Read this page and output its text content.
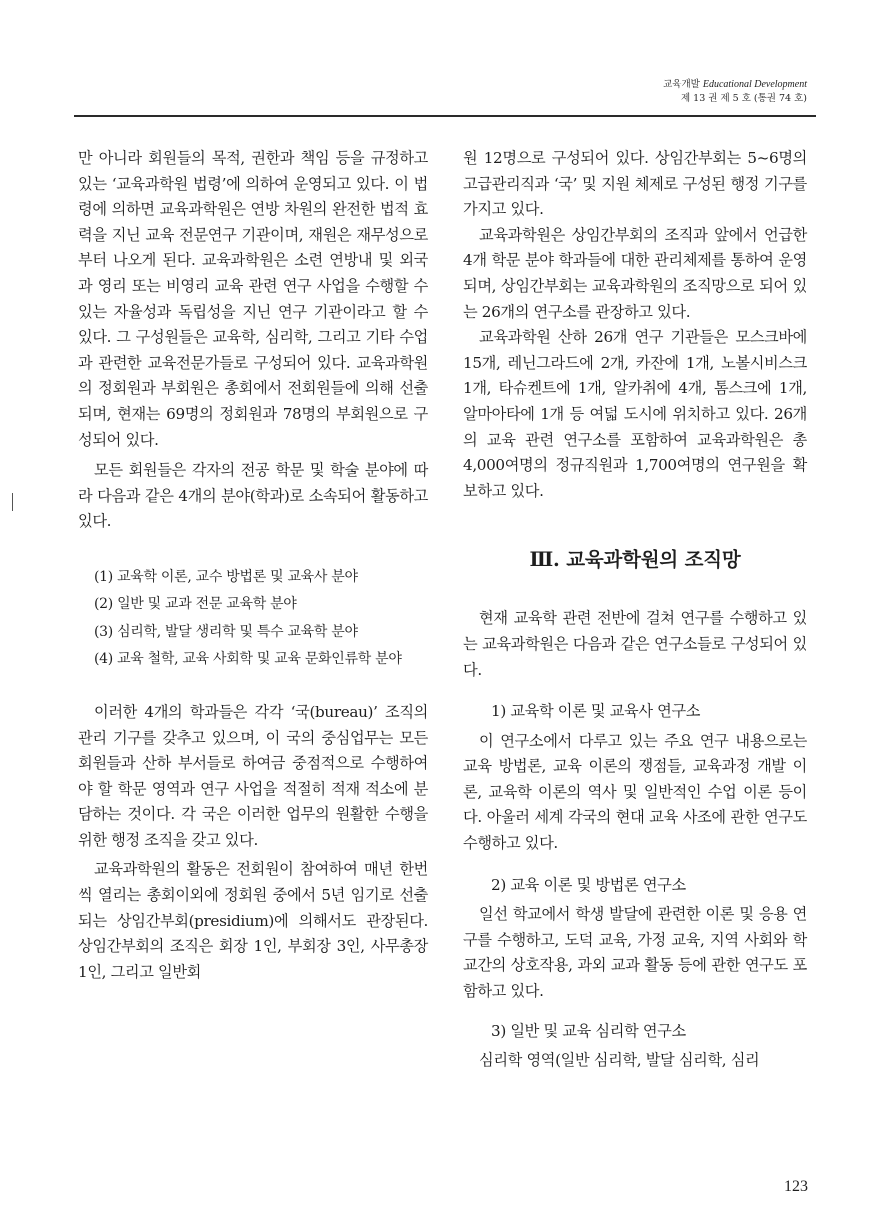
교육개발 Educational Development
제 13 권 제 5 호 (통권 74 호)

만 아니라 회원들의 목적, 권한과 책임 등을 규정하고 있는 ‘교육과학원 법령’에 의하여 운영되고 있다. 이 법령에 의하면 교육과학원은 연방 차원의 완전한 법적 효력을 지닌 교육 전문연구 기관이며, 재원은 재무성으로부터 나오게 된다. 교육과학원은 소련 연방내 및 외국과 영리 또는 비영리 교육 관련 연구 사업을 수행할 수 있는 자율성과 독립성을 지닌 연구 기관이라고 할 수 있다. 그 구성원들은 교육학, 심리학, 그리고 기타 수업과 관련한 교육전문가들로 구성되어 있다. 교육과학원의 정회원과 부회원은 총회에서 전회원들에 의해 선출되며, 현재는 69명의 정회원과 78명의 부회원으로 구성되어 있다.

모든 회원들은 각자의 전공 학문 및 학술 분야에 따라 다음과 같은 4개의 분야(학과)로 소속되어 활동하고 있다.

(1) 교육학 이론, 교수 방법론 및 교육사 분야
(2) 일반 및 교과 전문 교육학 분야
(3) 심리학, 발달 생리학 및 특수 교육학 분야
(4) 교육 철학, 교육 사회학 및 교육 문화인류학 분야

이러한 4개의 학과들은 각각 ‘국(bureau)’ 조직의 관리 기구를 갖추고 있으며, 이 국의 중심업무는 모든 회원들과 산하 부서들로 하여금 중점적으로 수행하여야 할 학문 영역과 연구 사업을 적절히 적재 적소에 분담하는 것이다. 각 국은 이러한 업무의 원활한 수행을 위한 행정 조직을 갖고 있다.

교육과학원의 활동은 전회원이 참여하여 매년 한번씩 열리는 총회이외에 정회원 중에서 5년 임기로 선출되는 상임간부회(presidium)에 의해서도 관장된다. 상임간부회의 조직은 회장 1인, 부회장 3인, 사무총장 1인, 그리고 일반회

원 12명으로 구성되어 있다. 상임간부회는 5~6명의 고급관리직과 ‘국’ 및 지원 체제로 구성된 행정 기구를 가지고 있다.

교육과학원은 상임간부회의 조직과 앞에서 언급한 4개 학문 분야 학과들에 대한 관리체제를 통하여 운영되며, 상임간부회는 교육과학원의 조직망으로 되어 있는 26개의 연구소를 관장하고 있다.

교육과학원 산하 26개 연구 기관들은 모스크바에 15개, 레닌그라드에 2개, 카잔에 1개, 노볼시비스크 1개, 타슈켄트에 1개, 알카취에 4개, 톰스크에 1개, 알마아타에 1개 등 여덟 도시에 위치하고 있다. 26개의 교육 관련 연구소를 포함하여 교육과학원은 총 4,000여명의 정규직원과 1,700여명의 연구원을 확보하고 있다.

Ⅲ. 교육과학원의 조직망

현재 교육학 관련 전반에 걸쳐 연구를 수행하고 있는 교육과학원은 다음과 같은 연구소들로 구성되어 있다.

1) 교육학 이론 및 교육사 연구소

이 연구소에서 다루고 있는 주요 연구 내용으로는 교육 방법론, 교육 이론의 쟁점들, 교육과정 개발 이론, 교육학 이론의 역사 및 일반적인 수업 이론 등이다. 아울러 세계 각국의 현대 교육 사조에 관한 연구도 수행하고 있다.

2) 교육 이론 및 방법론 연구소

일선 학교에서 학생 발달에 관련한 이론 및 응용 연구를 수행하고, 도덕 교육, 가정 교육, 지역 사회와 학교간의 상호작용, 과외 교과 활동 등에 관한 연구도 포함하고 있다.

3) 일반 및 교육 심리학 연구소

심리학 영역(일반 심리학, 발달 심리학, 심리

123
